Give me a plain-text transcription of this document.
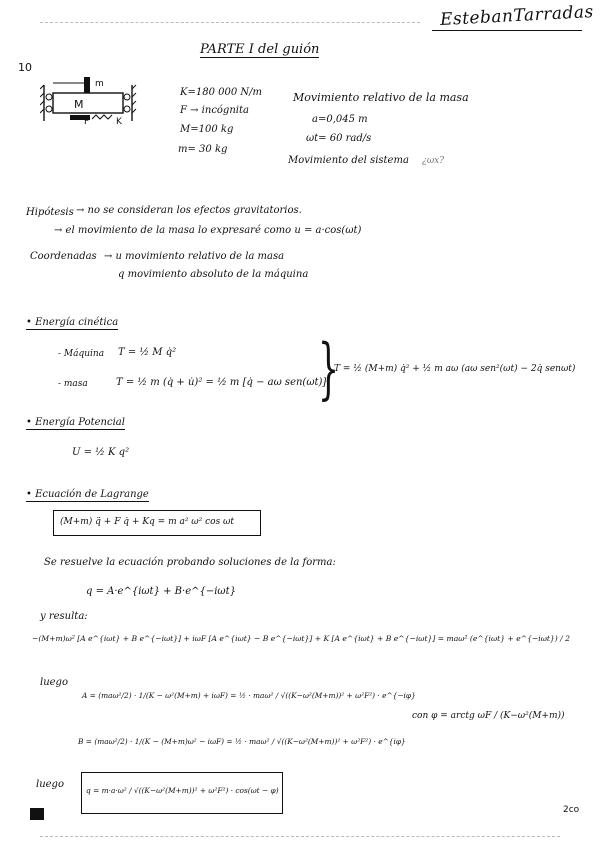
EstebanTarradas
PARTE I del guión
10
M
m
F	K
K=180 000 N/m
F → incógnita
M=100 kg
m= 30 kg
Movimiento relativo de la masa
a=0,045 m
ωt= 60 rad/s
Movimiento del sistema ¿ωx?
Hipótesis → no se consideran los efectos gravitatorios.
→ el movimiento de la masa lo expresaré como u = a·cos(ωt)
Coordenadas → u movimiento relativo de la masa
q movimiento absoluto de la máquina
• Energía cinética
- Máquina T = ½ M q̇²
- masa	T = ½ m (q̇ + u̇)² = ½ m [q̇ − aω sen(ωt)]²
}
T = ½ (M+m) q̇² + ½ m aω (aω sen²(ωt) − 2q̇ senωt)
• Energía Potencial
U = ½ K q²
• Ecuación de Lagrange
(M+m) q̈ + F q̇ + Kq = m a² ω² cos ωt
Se resuelve la ecuación probando soluciones de la forma:
q = A·e^{iωt} + B·e^{−iωt}
y resulta:
−(M+m)ω² [A e^{iωt} + B e^{−iωt}] + iωF [A e^{iωt} − B e^{−iωt}] + K [A e^{iωt} + B e^{−iωt}] = maω² (e^{iωt} + e^{−iωt}) / 2
luego
A = (maω²/2) · 1/(K − ω²(M+m) + iωF) = ½ · maω² / √((K−ω²(M+m))² + ω²F²) · e^{−iφ}
con φ = arctg ωF / (K−ω²(M+m))
B = (maω²/2) · 1/(K − (M+m)ω² − iωF) = ½ · maω² / √((K−ω²(M+m))² + ω²F²) · e^{iφ}
luego
q = m·a·ω² / √((K−ω²(M+m))² + ω²F²) · cos(ωt − φ)
2co
